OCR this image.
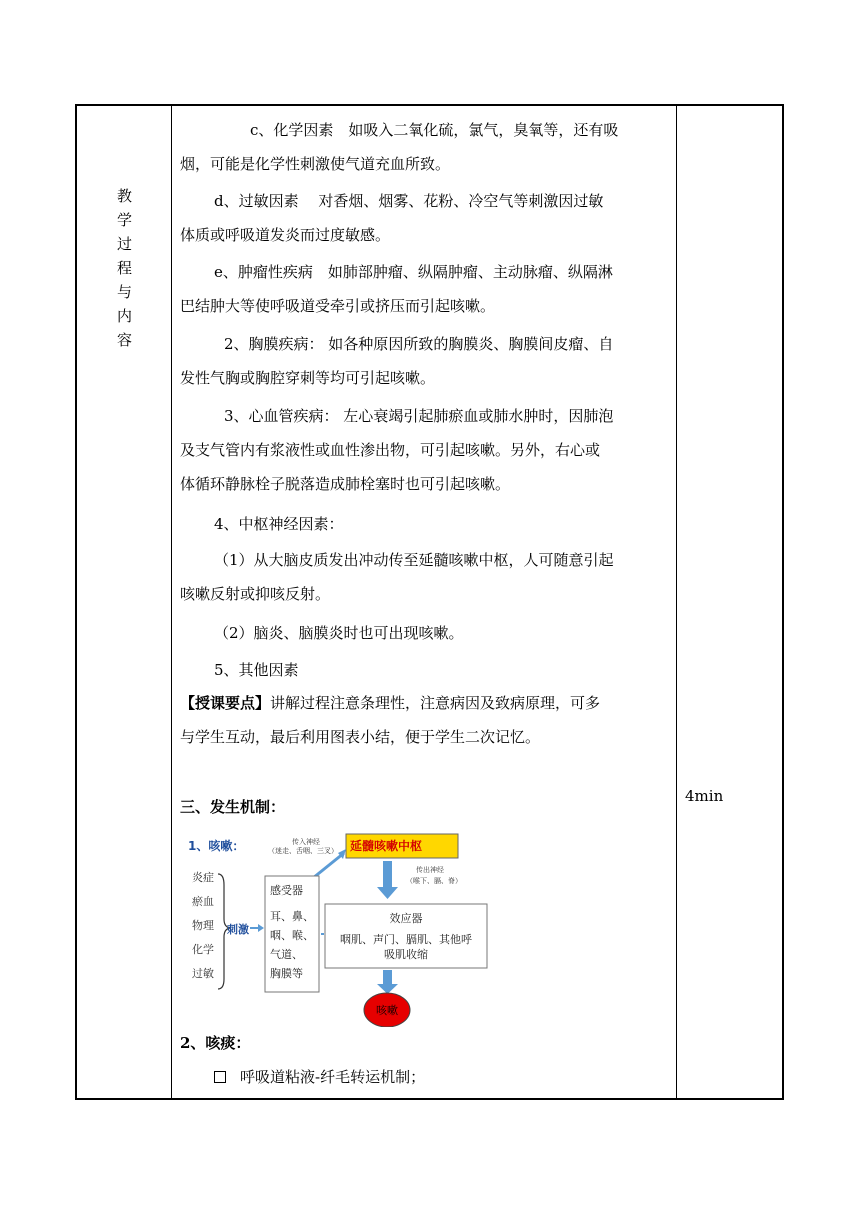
教
学
过
程
与
内
容

c、化学因素　如吸入二氧化硫，氯气，臭氧等，还有吸

烟，可能是化学性刺激使气道充血所致。

d、过敏因素　 对香烟、烟雾、花粉、冷空气等刺激因过敏

体质或呼吸道发炎而过度敏感。

e、肿瘤性疾病　如肺部肿瘤、纵隔肿瘤、主动脉瘤、纵隔淋

巴结肿大等使呼吸道受牵引或挤压而引起咳嗽。

2、胸膜疾病： 如各种原因所致的胸膜炎、胸膜间皮瘤、自

发性气胸或胸腔穿刺等均可引起咳嗽。

3、心血管疾病： 左心衰竭引起肺瘀血或肺水肿时，因肺泡

及支气管内有浆液性或血性渗出物，可引起咳嗽。另外，右心或

体循环静脉栓子脱落造成肺栓塞时也可引起咳嗽。

4、中枢神经因素：

（1）从大脑皮质发出冲动传至延髓咳嗽中枢，人可随意引起

咳嗽反射或抑咳反射。

（2）脑炎、脑膜炎时也可出现咳嗽。

5、其他因素

【授课要点】讲解过程注意条理性，注意病因及致病原理，可多

与学生互动，最后利用图表小结，便于学生二次记忆。

三、发生机制：

1、咳嗽：	传入神经
（迷走、舌咽、三叉） 延髓咳嗽中枢
传出神经
（喉下、膈、脊）
炎症
瘀血
物理
化学
过敏
刺激
感受器
耳、鼻、
咽、喉、
气道、
胸膜等
效应器
咽肌、声门、膈肌、其他呼
吸肌收缩
咳嗽

2、咳痰：

呼吸道粘液-纤毛转运机制；

4min
